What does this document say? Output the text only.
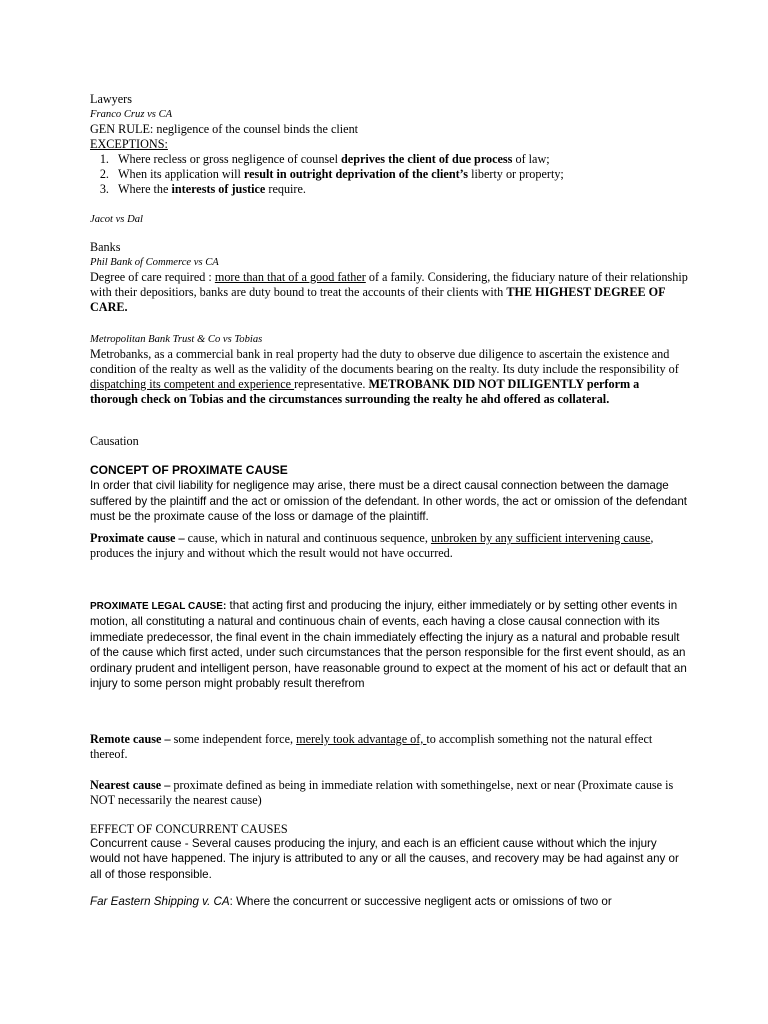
Lawyers

Franco Cruz vs CA

GEN RULE: negligence of the counsel binds the client

EXCEPTIONS:

1. Where recless or gross negligence of counsel deprives the client of due process of law;
2. When its application will result in outright deprivation of the client’s liberty or property;
3. Where the interests of justice require.

Jacot vs Dal

Banks

Phil Bank of Commerce vs CA

Degree of care required : more than that of a good father of a family. Considering, the fiduciary nature of their relationship with their depositiors, banks are duty bound to treat the accounts of their clients with THE HIGHEST DEGREE OF CARE.

Metropolitan Bank Trust & Co vs Tobias

Metrobanks, as a commercial bank in real property had the duty to observe due diligence to ascertain the existence and condition of the realty as well as the validity of the documents bearing on the realty. Its duty include the responsibility of dispatching its competent and experience representative. METROBANK DID NOT DILIGENTLY perform a thorough check on Tobias and the circumstances surrounding the realty he ahd offered as collateral.

Causation

CONCEPT OF PROXIMATE CAUSE

In order that civil liability for negligence may arise, there must be a direct causal connection between the damage suffered by the plaintiff and the act or omission of the defendant. In other words, the act or omission of the defendant must be the proximate cause of the loss or damage of the plaintiff.

Proximate cause – cause, which in natural and continuous sequence, unbroken by any sufficient intervening cause, produces the injury and without which the result would not have occurred.

PROXIMATE LEGAL CAUSE: that acting first and producing the injury, either immediately or by setting other events in motion, all constituting a natural and continuous chain of events, each having a close causal connection with its immediate predecessor, the final event in the chain immediately effecting the injury as a natural and probable result of the cause which first acted, under such circumstances that the person responsible for the first event should, as an ordinary prudent and intelligent person, have reasonable ground to expect at the moment of his act or default that an injury to some person might probably result therefrom

Remote cause – some independent force, merely took advantage of, to accomplish something not the natural effect thereof.

Nearest cause – proximate defined as being in immediate relation with somethingelse, next or near (Proximate cause is NOT necessarily the nearest cause)

EFFECT OF CONCURRENT CAUSES

Concurrent cause - Several causes producing the injury, and each is an efficient cause without which the injury would not have happened. The injury is attributed to any or all the causes, and recovery may be had against any or all of those responsible.

Far Eastern Shipping v. CA: Where the concurrent or successive negligent acts or omissions of two or
